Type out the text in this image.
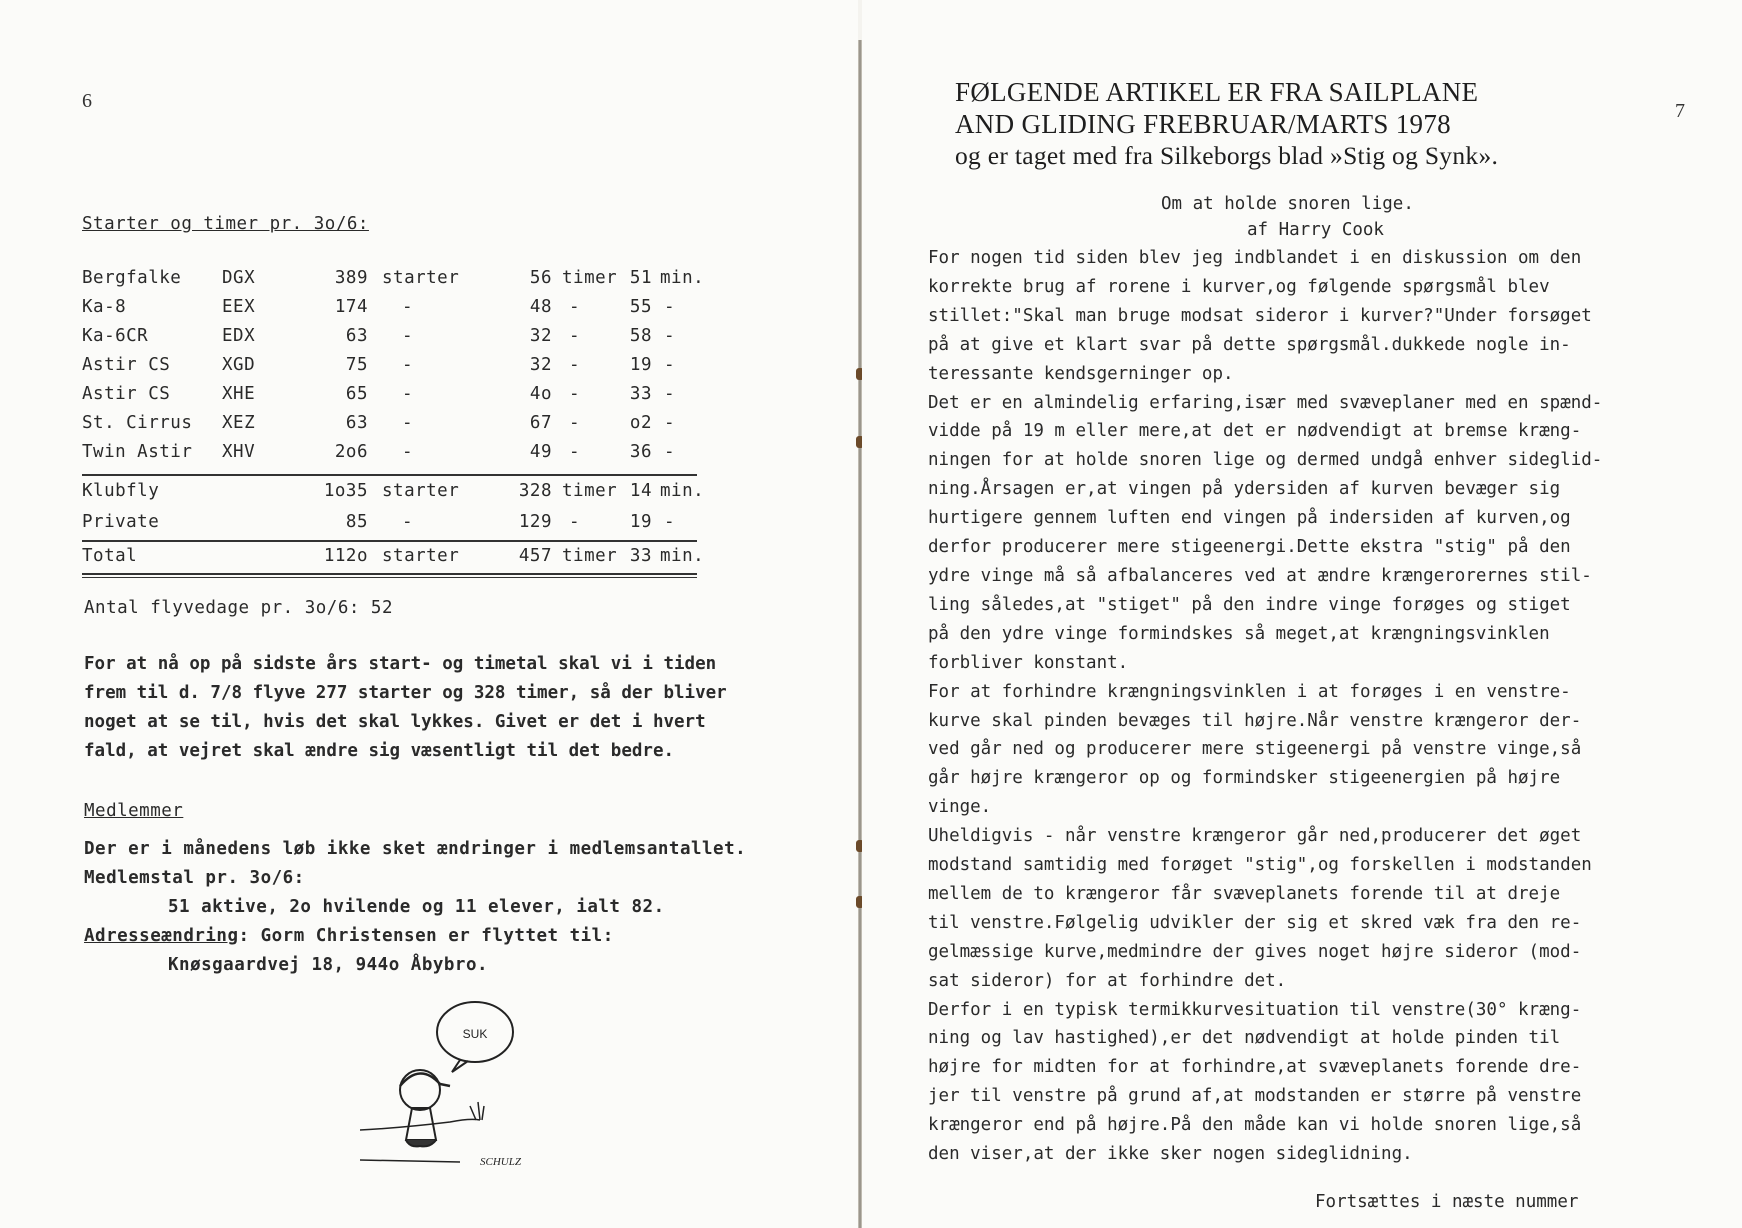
6
Starter og timer pr. 3o/6:
Bergfalke DGX	389 starter	56 timer 51 min.
Ka-8	EEX	174 -	48 -	55 -
Ka-6CR	EDX	63 -	32 -	58 -
Astir CS	XGD	75 -	32 -	19 -
Astir CS	XHE	65 -	4o -	33 -
St. Cirrus XEZ	63 -	67 -	o2 -
Twin Astir XHV	2o6 -	49 -	36 -
Klubfly	1o35 starter	328 timer 14 min.
Private	85 -	129 -	19 -
Total	112o starter	457 timer 33 min.
Antal flyvedage pr. 3o/6: 52
For at nå op på sidste års start- og timetal skal vi i tiden
frem til d. 7/8 flyve 277 starter og 328 timer, så der bliver
noget at se til, hvis det skal lykkes. Givet er det i hvert
fald, at vejret skal ændre sig væsentligt til det bedre.
Medlemmer
Der er i månedens løb ikke sket ændringer i medlemsantallet.
Medlemstal pr. 3o/6:
51 aktive, 2o hvilende og 11 elever, ialt 82.
Adresseændring: Gorm Christensen er flyttet til:
Knøsgaardvej 18, 944o Åbybro.
SUK
SCHULZ
7
FØLGENDE ARTIKEL ER FRA SAILPLANE
AND GLIDING FREBRUAR/MARTS 1978
og er taget med fra Silkeborgs blad »Stig og Synk».
Om at holde snoren lige.
af Harry Cook
For nogen tid siden blev jeg indblandet i en diskussion om den
korrekte brug af rorene i kurver,og følgende spørgsmål blev
stillet:"Skal man bruge modsat sideror i kurver?"Under forsøget
på at give et klart svar på dette spørgsmål.dukkede nogle in-
teressante kendsgerninger op.
Det er en almindelig erfaring,især med svæveplaner med en spænd-
vidde på 19 m eller mere,at det er nødvendigt at bremse kræng-
ningen for at holde snoren lige og dermed undgå enhver sideglid-
ning.Årsagen er,at vingen på ydersiden af kurven bevæger sig
hurtigere gennem luften end vingen på indersiden af kurven,og
derfor producerer mere stigeenergi.Dette ekstra "stig" på den
ydre vinge må så afbalanceres ved at ændre krængerorernes stil-
ling således,at "stiget" på den indre vinge forøges og stiget
på den ydre vinge formindskes så meget,at krængningsvinklen
forbliver konstant.
For at forhindre krængningsvinklen i at forøges i en venstre-
kurve skal pinden bevæges til højre.Når venstre krængeror der-
ved går ned og producerer mere stigeenergi på venstre vinge,så
går højre krængeror op og formindsker stigeenergien på højre
vinge.
Uheldigvis - når venstre krængeror går ned,producerer det øget
modstand samtidig med forøget "stig",og forskellen i modstanden
mellem de to krængeror får svæveplanets forende til at dreje
til venstre.Følgelig udvikler der sig et skred væk fra den re-
gelmæssige kurve,medmindre der gives noget højre sideror (mod-
sat sideror) for at forhindre det.
Derfor i en typisk termikkurvesituation til venstre(30° kræng-
ning og lav hastighed),er det nødvendigt at holde pinden til
højre for midten for at forhindre,at svæveplanets forende dre-
jer til venstre på grund af,at modstanden er større på venstre
krængeror end på højre.På den måde kan vi holde snoren lige,så
den viser,at der ikke sker nogen sideglidning.
Fortsættes i næste nummer
